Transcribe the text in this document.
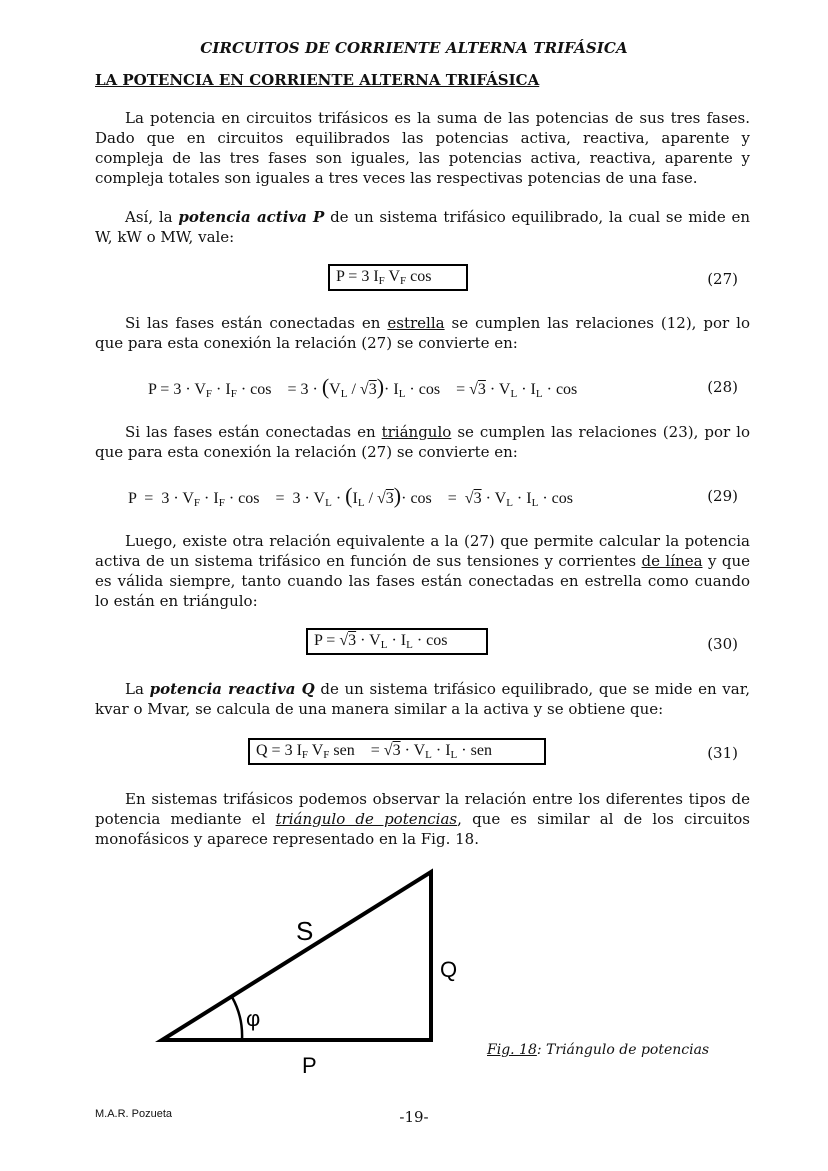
CIRCUITOS DE CORRIENTE ALTERNA TRIFÁSICA
LA POTENCIA EN CORRIENTE ALTERNA TRIFÁSICA
La potencia en circuitos trifásicos es la suma de las potencias de sus tres fases. Dado que en circuitos equilibrados las potencias activa, reactiva, aparente y compleja de las tres fases son iguales, las potencias activa, reactiva, aparente y compleja totales son iguales a tres veces las respectivas potencias de una fase.
Así, la potencia activa P de un sistema trifásico equilibrado, la cual se mide en W, kW o MW, vale:
P = 3 $I_F$ $V_F$ cos	(27)
Si las fases están conectadas en estrella se cumplen las relaciones (12), por lo que para esta conexión la relación (27) se convierte en:
$P = 3 \cdot V_F \cdot I_F \cdot \cos$    = $3 \cdot (V_L / √3)\cdot I_L \cdot \cos$    = $√3 \cdot V_L \cdot I_L \cdot \cos$	(28)
Si las fases están conectadas en triángulo se cumplen las relaciones (23), por lo que para esta conexión la relación (27) se convierte en:
$P = 3 \cdot V_F \cdot I_F \cdot \cos$    =  $3 \cdot V_L \cdot (I_L / √3)\cdot \cos$    =  $√3 \cdot V_L \cdot I_L \cdot \cos$	(29)
Luego, existe otra relación equivalente a la (27) que permite calcular la potencia activa de un sistema trifásico en función de sus tensiones y corrientes de línea y que es válida siempre, tanto cuando las fases están conectadas en estrella como cuando lo están en triángulo:
$P = √3 \cdot V_L \cdot I_L \cdot \cos$	(30)
La potencia reactiva Q de un sistema trifásico equilibrado, que se mide en var, kvar o Mvar, se calcula de una manera similar a la activa y se obtiene que:
Q = 3 $I_F$ $V_F$ sen    = $√3 \cdot V_L \cdot I_L$ · sen	(31)
En sistemas trifásicos podemos observar la relación entre los diferentes tipos de potencia mediante el triángulo de potencias, que es similar al de los circuitos monofásicos y aparece representado en la Fig. 18.
S
Q
P
φ
Fig. 18: Triángulo de potencias
M.A.R. Pozueta	-19-
